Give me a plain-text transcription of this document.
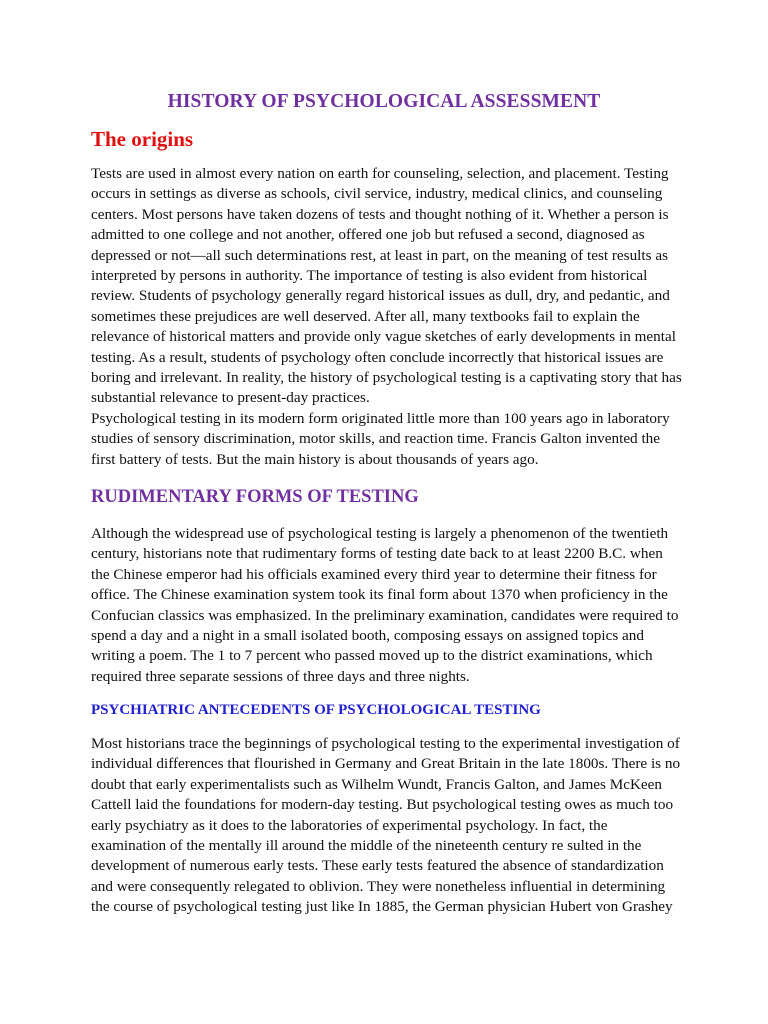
HISTORY OF PSYCHOLOGICAL ASSESSMENT
The origins
Tests are used in almost every nation on earth for counseling, selection, and placement. Testing
occurs in settings as diverse as schools, civil service, industry, medical clinics, and counseling
centers. Most persons have taken dozens of tests and thought nothing of it. Whether a person is
admitted to one college and not another, offered one job but refused a second, diagnosed as
depressed or not—all such determinations rest, at least in part, on the meaning of test results as
interpreted by persons in authority. The importance of testing is also evident from historical
review. Students of psychology generally regard historical issues as dull, dry, and pedantic, and
sometimes these prejudices are well deserved. After all, many textbooks fail to explain the
relevance of historical matters and provide only vague sketches of early developments in mental
testing. As a result, students of psychology often conclude incorrectly that historical issues are
boring and irrelevant. In reality, the history of psychological testing is a captivating story that has
substantial relevance to present-day practices.
Psychological testing in its modern form originated little more than 100 years ago in laboratory
studies of sensory discrimination, motor skills, and reaction time. Francis Galton invented the
first battery of tests. But the main history is about thousands of years ago.
RUDIMENTARY FORMS OF TESTING
Although the widespread use of psychological testing is largely a phenomenon of the twentieth
century, historians note that rudimentary forms of testing date back to at least 2200 B.C. when
the Chinese emperor had his officials examined every third year to determine their fitness for
office. The Chinese examination system took its final form about 1370 when proficiency in the
Confucian classics was emphasized. In the preliminary examination, candidates were required to
spend a day and a night in a small isolated booth, composing essays on assigned topics and
writing a poem. The 1 to 7 percent who passed moved up to the district examinations, which
required three separate sessions of three days and three nights.
PSYCHIATRIC ANTECEDENTS OF PSYCHOLOGICAL TESTING
Most historians trace the beginnings of psychological testing to the experimental investigation of
individual differences that flourished in Germany and Great Britain in the late 1800s. There is no
doubt that early experimentalists such as Wilhelm Wundt, Francis Galton, and James McKeen
Cattell laid the foundations for modern-day testing. But psychological testing owes as much too
early psychiatry as it does to the laboratories of experimental psychology. In fact, the
examination of the mentally ill around the middle of the nineteenth century re sulted in the
development of numerous early tests. These early tests featured the absence of standardization
and were consequently relegated to oblivion. They were nonetheless influential in determining
the course of psychological testing just like In 1885, the German physician Hubert von Grashey
